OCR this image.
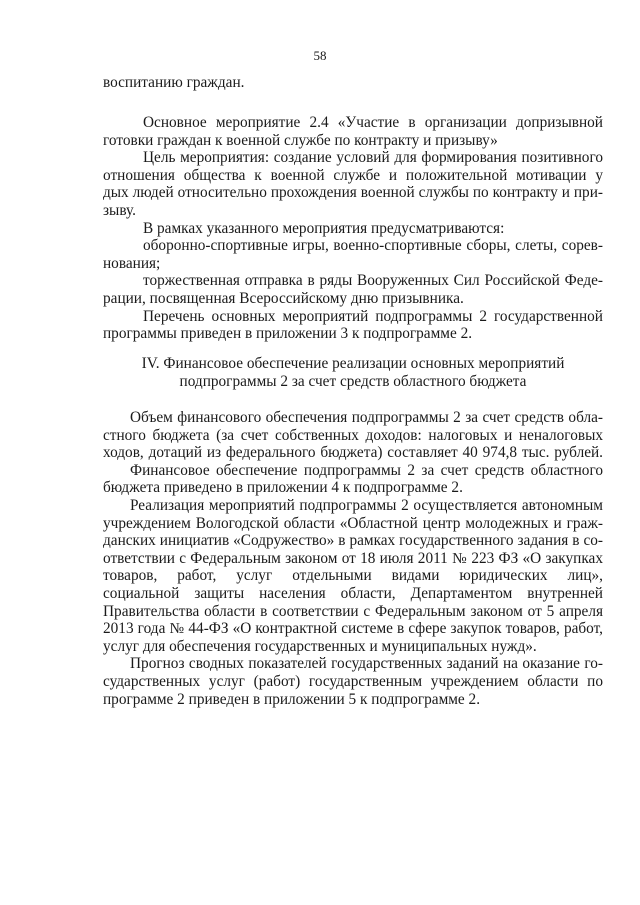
58
воспитанию граждан.
Основное мероприятие 2.4 «Участие в организации допризывной
готовки граждан к военной службе по контракту и призыву»
Цель мероприятия: создание условий для формирования позитивного
отношения общества к военной службе и положительной мотивации у
дых людей относительно прохождения военной службы по контракту и при-
зыву.
В рамках указанного мероприятия предусматриваются:
оборонно-спортивные игры, военно-спортивные сборы, слеты, сорев-
нования;
торжественная отправка в ряды Вооруженных Сил Российской Феде-
рации, посвященная Всероссийскому дню призывника.
Перечень основных мероприятий подпрограммы 2 государственной
программы приведен в приложении 3 к подпрограмме 2.
IV. Финансовое обеспечение реализации основных мероприятий
подпрограммы 2 за счет средств областного бюджета
Объем финансового обеспечения подпрограммы 2 за счет средств обла-
стного бюджета (за счет собственных доходов: налоговых и неналоговых
ходов, дотаций из федерального бюджета) составляет 40 974,8 тыс. рублей.
Финансовое обеспечение подпрограммы 2 за счет средств областного
бюджета приведено в приложении 4 к подпрограмме 2.
Реализация мероприятий подпрограммы 2 осуществляется автономным
учреждением Вологодской области «Областной центр молодежных и граж-
данских инициатив «Содружество» в рамках государственного задания в со-
ответствии с Федеральным законом от 18 июля 2011 № 223 ФЗ «О закупках
товаров, работ, услуг отдельными видами юридических лиц»,
социальной защиты населения области, Департаментом внутренней
Правительства области в соответствии с Федеральным законом от 5 апреля
2013 года № 44-ФЗ «О контрактной системе в сфере закупок товаров, работ,
услуг для обеспечения государственных и муниципальных нужд».
Прогноз сводных показателей государственных заданий на оказание го-
сударственных услуг (работ) государственным учреждением области по
программе 2 приведен в приложении 5 к подпрограмме 2.
